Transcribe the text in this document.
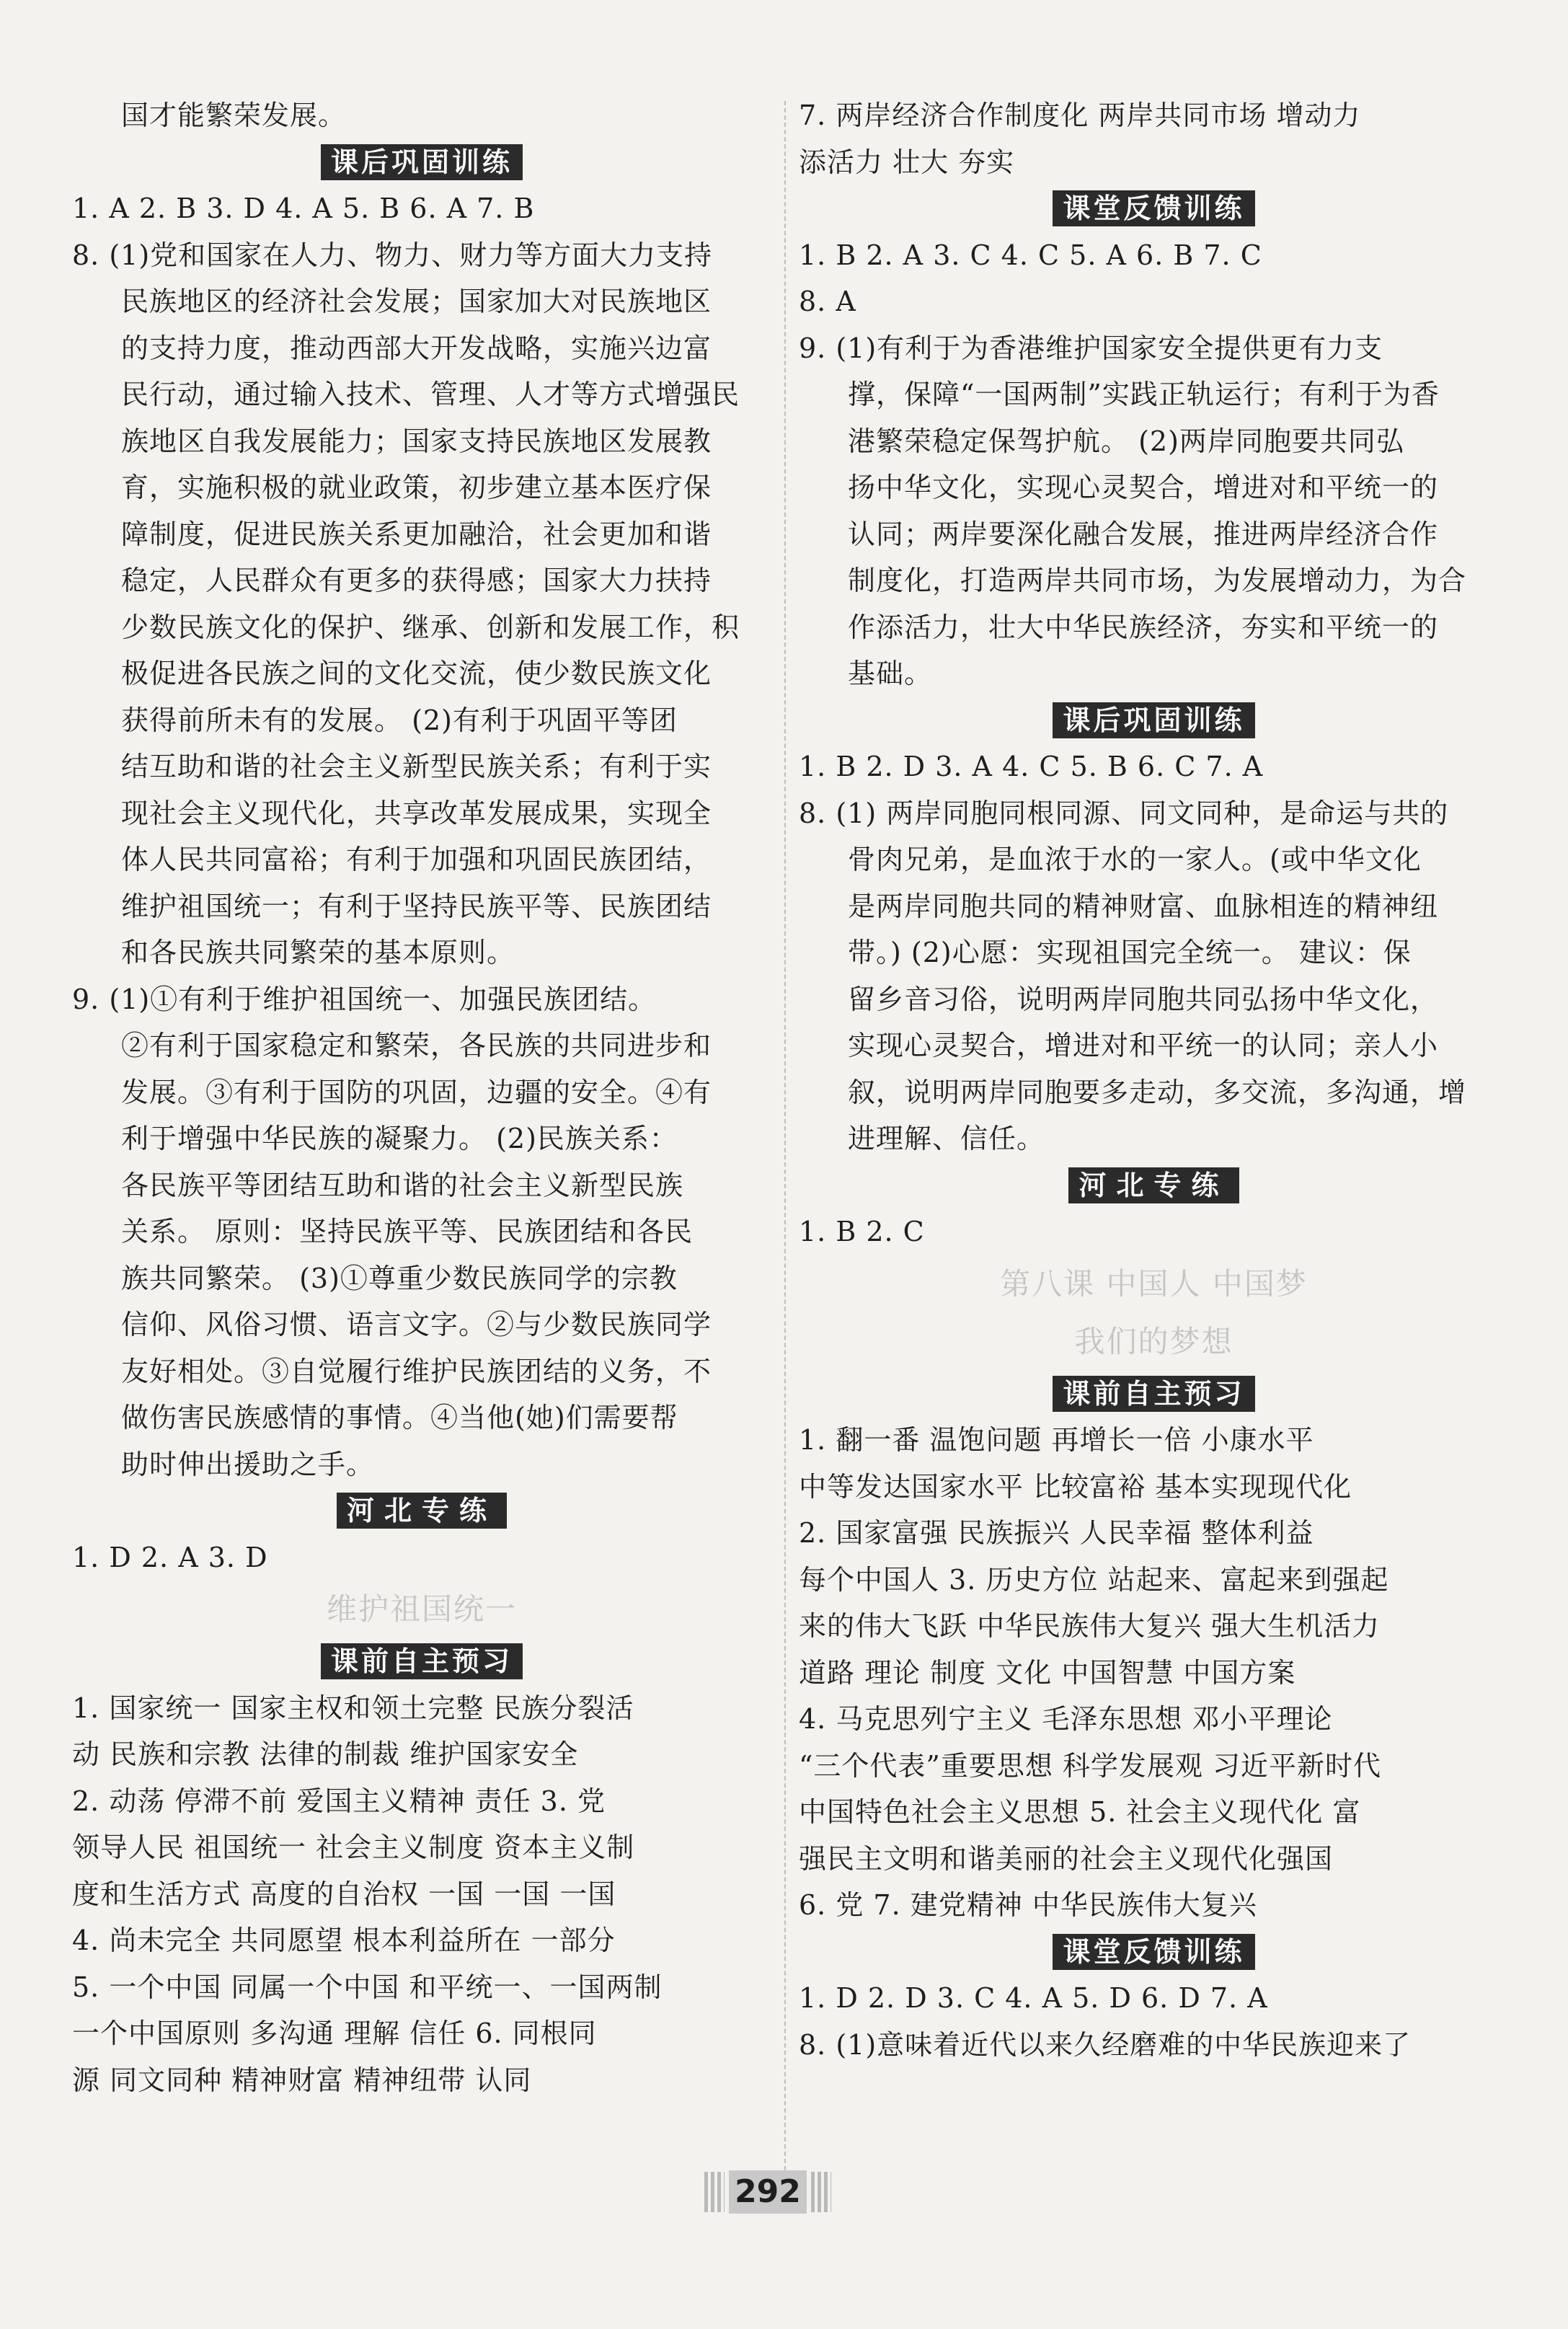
国才能繁荣发展。
课后巩固训练
1. A 2. B 3. D 4. A 5. B 6. A 7. B
8. (1)党和国家在人力、物力、财力等方面大力支持
民族地区的经济社会发展；国家加大对民族地区
的支持力度，推动西部大开发战略，实施兴边富
民行动，通过输入技术、管理、人才等方式增强民
族地区自我发展能力；国家支持民族地区发展教
育，实施积极的就业政策，初步建立基本医疗保
障制度，促进民族关系更加融洽，社会更加和谐
稳定，人民群众有更多的获得感；国家大力扶持
少数民族文化的保护、继承、创新和发展工作，积
极促进各民族之间的文化交流，使少数民族文化
获得前所未有的发展。 (2)有利于巩固平等团
结互助和谐的社会主义新型民族关系；有利于实
现社会主义现代化，共享改革发展成果，实现全
体人民共同富裕；有利于加强和巩固民族团结，
维护祖国统一；有利于坚持民族平等、民族团结
和各民族共同繁荣的基本原则。
9. (1)①有利于维护祖国统一、加强民族团结。
②有利于国家稳定和繁荣，各民族的共同进步和
发展。③有利于国防的巩固，边疆的安全。④有
利于增强中华民族的凝聚力。 (2)民族关系：
各民族平等团结互助和谐的社会主义新型民族
关系。 原则：坚持民族平等、民族团结和各民
族共同繁荣。 (3)①尊重少数民族同学的宗教
信仰、风俗习惯、语言文字。②与少数民族同学
友好相处。③自觉履行维护民族团结的义务，不
做伤害民族感情的事情。④当他(她)们需要帮
助时伸出援助之手。
河北专练
1. D 2. A 3. D
维护祖国统一
课前自主预习
1. 国家统一 国家主权和领土完整 民族分裂活
动 民族和宗教 法律的制裁 维护国家安全
2. 动荡 停滞不前 爱国主义精神 责任 3. 党
领导人民 祖国统一 社会主义制度 资本主义制
度和生活方式 高度的自治权 一国 一国 一国
4. 尚未完全 共同愿望 根本利益所在 一部分
5. 一个中国 同属一个中国 和平统一、一国两制
一个中国原则 多沟通 理解 信任 6. 同根同
源 同文同种 精神财富 精神纽带 认同
7. 两岸经济合作制度化 两岸共同市场 增动力
添活力 壮大 夯实
课堂反馈训练
1. B 2. A 3. C 4. C 5. A 6. B 7. C
8. A
9. (1)有利于为香港维护国家安全提供更有力支
撑，保障“一国两制”实践正轨运行；有利于为香
港繁荣稳定保驾护航。 (2)两岸同胞要共同弘
扬中华文化，实现心灵契合，增进对和平统一的
认同；两岸要深化融合发展，推进两岸经济合作
制度化，打造两岸共同市场，为发展增动力，为合
作添活力，壮大中华民族经济，夯实和平统一的
基础。
课后巩固训练
1. B 2. D 3. A 4. C 5. B 6. C 7. A
8. (1) 两岸同胞同根同源、同文同种，是命运与共的
骨肉兄弟，是血浓于水的一家人。(或中华文化
是两岸同胞共同的精神财富、血脉相连的精神纽
带。) (2)心愿：实现祖国完全统一。 建议：保
留乡音习俗，说明两岸同胞共同弘扬中华文化，
实现心灵契合，增进对和平统一的认同；亲人小
叙，说明两岸同胞要多走动，多交流，多沟通，增
进理解、信任。
河北专练
1. B 2. C
第八课 中国人 中国梦
我们的梦想
课前自主预习
1. 翻一番 温饱问题 再增长一倍 小康水平
中等发达国家水平 比较富裕 基本实现现代化
2. 国家富强 民族振兴 人民幸福 整体利益
每个中国人 3. 历史方位 站起来、富起来到强起
来的伟大飞跃 中华民族伟大复兴 强大生机活力
道路 理论 制度 文化 中国智慧 中国方案
4. 马克思列宁主义 毛泽东思想 邓小平理论
“三个代表”重要思想 科学发展观 习近平新时代
中国特色社会主义思想 5. 社会主义现代化 富
强民主文明和谐美丽的社会主义现代化强国
6. 党 7. 建党精神 中华民族伟大复兴
课堂反馈训练
1. D 2. D 3. C 4. A 5. D 6. D 7. A
8. (1)意味着近代以来久经磨难的中华民族迎来了
292
